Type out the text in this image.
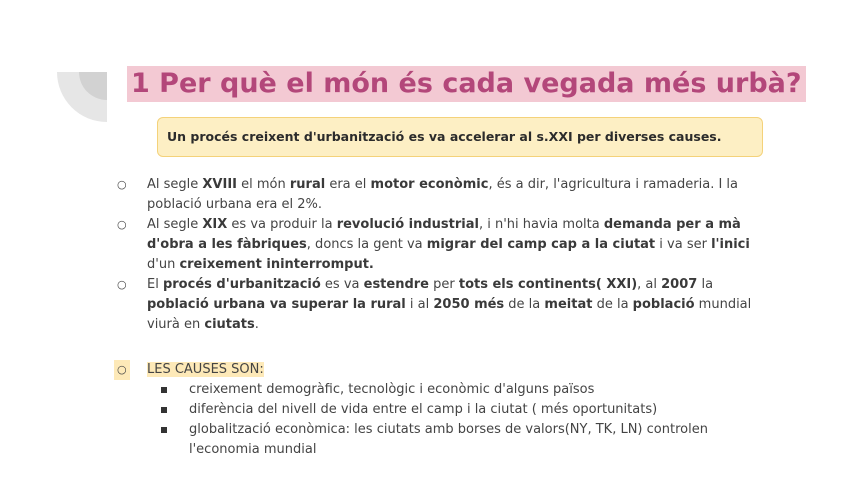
1 Per què el món és cada vegada més urbà?
Un procés creixent d'urbanització es va accelerar al s.XXI per diverses causes.
○ Al segle XVIII el món rural era el motor econòmic, és a dir, l'agricultura i ramaderia. I la població urbana era el 2%.
○ Al segle XIX es va produir la revolució industrial, i n'hi havia molta demanda per a mà d'obra a les fàbriques, doncs la gent va migrar del camp cap a la ciutat i va ser l'inici d'un creixement ininterromput.
○ El procés d'urbanització es va estendre per tots els continents( XXI), al 2007 la població urbana va superar la rural i al 2050 més de la meitat de la població mundial viurà en ciutats.
○ LES CAUSES SON:
creixement demogràfic, tecnològic i econòmic d'alguns països
diferència del nivell de vida entre el camp i la ciutat ( més oportunitats)
globalització econòmica: les ciutats amb borses de valors(NY, TK, LN) controlen l'economia mundial
